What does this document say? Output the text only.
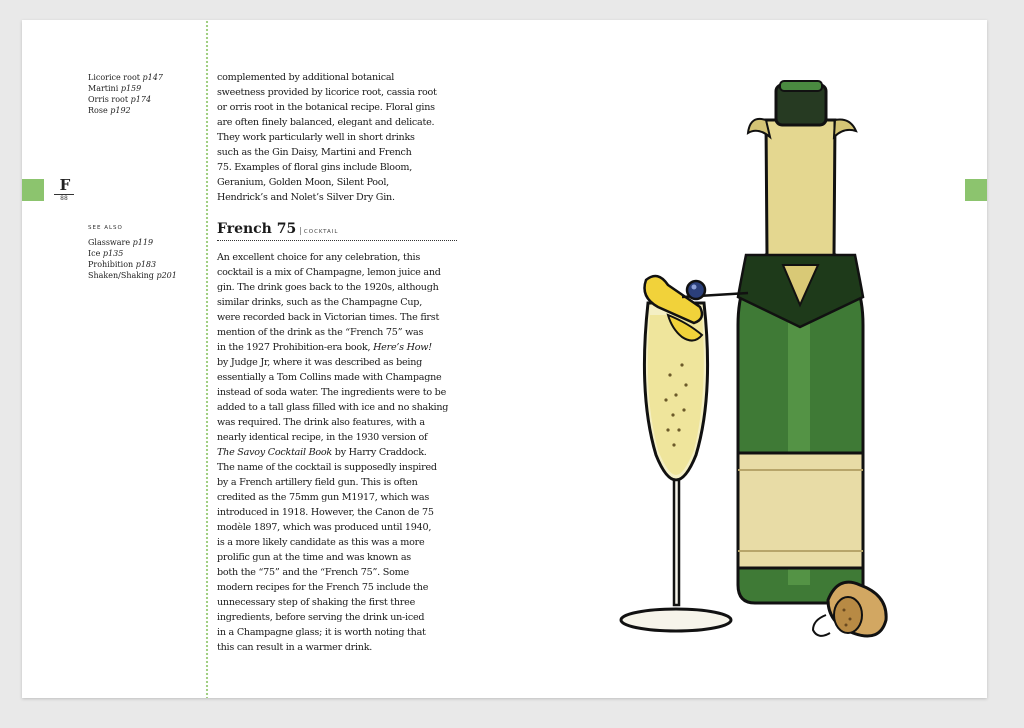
F
88
Licorice root p147
Martini p159
Orris root p174
Rose p192
SEE ALSO
Glassware p119
Ice p135
Prohibition p183
Shaken/Shaking p201
complemented by additional botanical
sweetness provided by licorice root, cassia root
or orris root in the botanical recipe. Floral gins
are often finely balanced, elegant and delicate.
They work particularly well in short drinks
such as the Gin Daisy, Martini and French
75. Examples of floral gins include Bloom,
Geranium, Golden Moon, Silent Pool,
Hendrick’s and Nolet’s Silver Dry Gin.
French 75 | COCKTAIL
An excellent choice for any celebration, this
cocktail is a mix of Champagne, lemon juice and
gin. The drink goes back to the 1920s, although
similar drinks, such as the Champagne Cup,
were recorded back in Victorian times. The first
mention of the drink as the “French 75” was
in the 1927 Prohibition-era book, Here’s How!
by Judge Jr, where it was described as being
essentially a Tom Collins made with Champagne
instead of soda water. The ingredients were to be
added to a tall glass filled with ice and no shaking
was required. The drink also features, with a
nearly identical recipe, in the 1930 version of
The Savoy Cocktail Book by Harry Craddock.
The name of the cocktail is supposedly inspired
by a French artillery field gun. This is often
credited as the 75mm gun M1917, which was
introduced in 1918. However, the Canon de 75
modèle 1897, which was produced until 1940,
is a more likely candidate as this was a more
prolific gun at the time and was known as
both the “75” and the “French 75”. Some
modern recipes for the French 75 include the
unnecessary step of shaking the first three
ingredients, before serving the drink un-iced
in a Champagne glass; it is worth noting that
this can result in a warmer drink.
